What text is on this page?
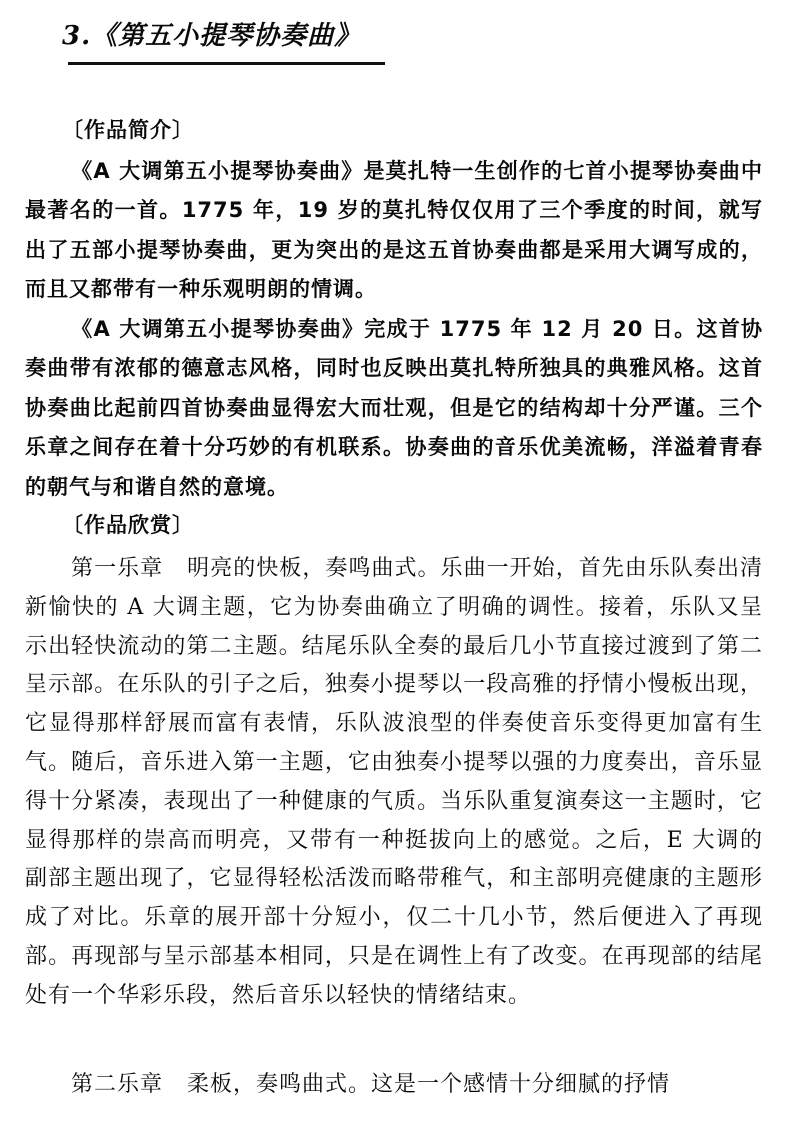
3.《第五小提琴协奏曲》
〔作品简介〕

《A 大调第五小提琴协奏曲》是莫扎特一生创作的七首小提琴协奏曲中最著名的一首。1775 年，19 岁的莫扎特仅仅用了三个季度的时间，就写出了五部小提琴协奏曲，更为突出的是这五首协奏曲都是采用大调写成的，而且又都带有一种乐观明朗的情调。

《A 大调第五小提琴协奏曲》完成于 1775 年 12 月 20 日。这首协奏曲带有浓郁的德意志风格，同时也反映出莫扎特所独具的典雅风格。这首协奏曲比起前四首协奏曲显得宏大而壮观，但是它的结构却十分严谨。三个乐章之间存在着十分巧妙的有机联系。协奏曲的音乐优美流畅，洋溢着青春的朝气与和谐自然的意境。

〔作品欣赏〕

第一乐章 明亮的快板，奏鸣曲式。乐曲一开始，首先由乐队奏出清新愉快的 A 大调主题，它为协奏曲确立了明确的调性。接着，乐队又呈示出轻快流动的第二主题。结尾乐队全奏的最后几小节直接过渡到了第二呈示部。在乐队的引子之后，独奏小提琴以一段高雅的抒情小慢板出现，它显得那样舒展而富有表情，乐队波浪型的伴奏使音乐变得更加富有生气。随后，音乐进入第一主题，它由独奏小提琴以强的力度奏出，音乐显得十分紧凑，表现出了一种健康的气质。当乐队重复演奏这一主题时，它显得那样的崇高而明亮，又带有一种挺拔向上的感觉。之后，E 大调的副部主题出现了，它显得轻松活泼而略带稚气，和主部明亮健康的主题形成了对比。乐章的展开部十分短小，仅二十几小节，然后便进入了再现部。再现部与呈示部基本相同，只是在调性上有了改变。在再现部的结尾处有一个华彩乐段，然后音乐以轻快的情绪结束。

第二乐章 柔板，奏鸣曲式。这是一个感情十分细腻的抒情
